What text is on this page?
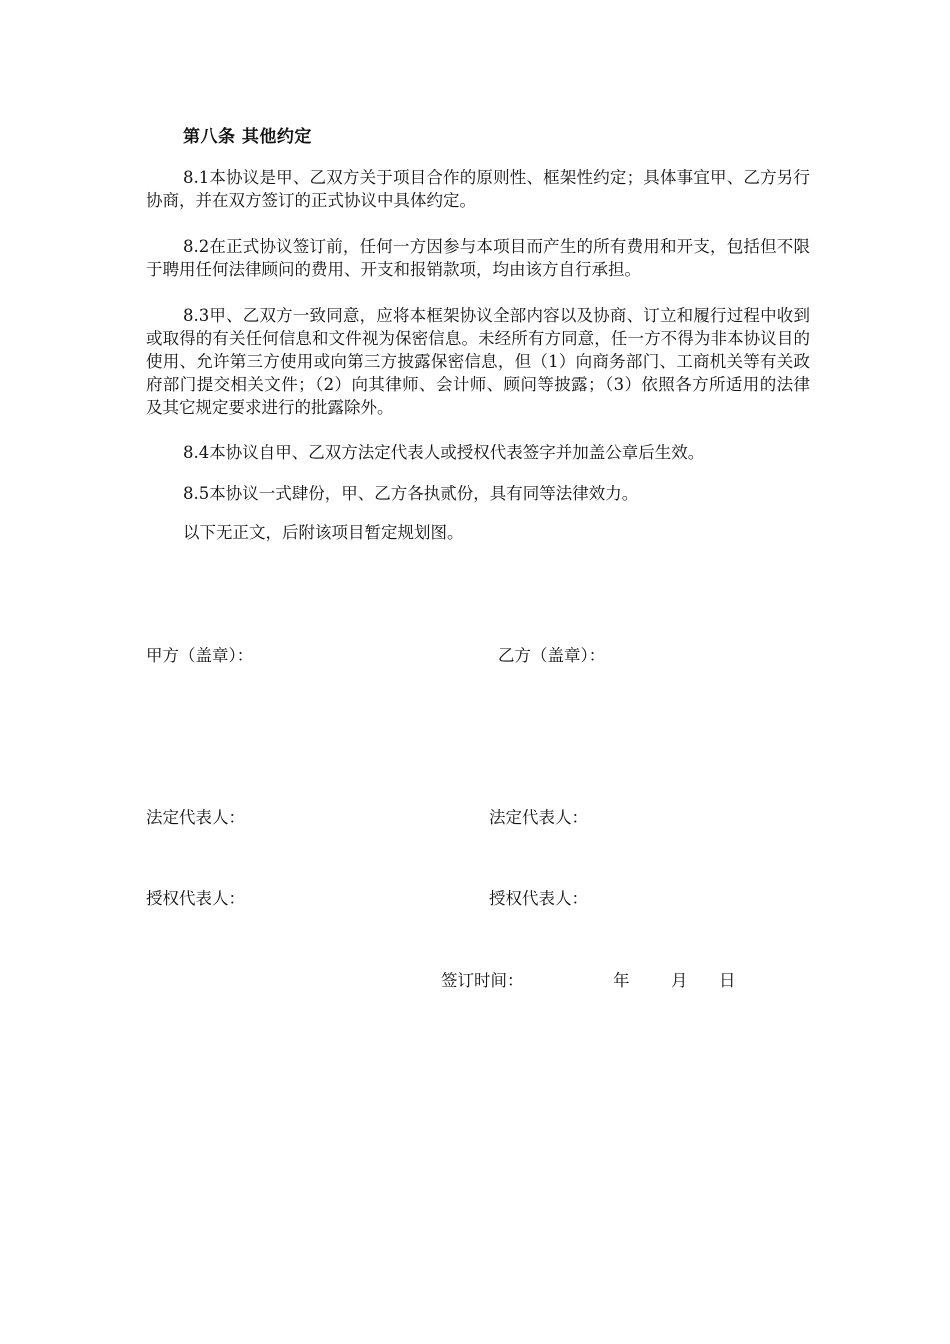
第八条 其他约定

8.1本协议是甲、乙双方关于项目合作的原则性、框架性约定；具体事宜甲、乙方另行协商，并在双方签订的正式协议中具体约定。

8.2在正式协议签订前，任何一方因参与本项目而产生的所有费用和开支，包括但不限于聘用任何法律顾问的费用、开支和报销款项，均由该方自行承担。

8.3甲、乙双方一致同意，应将本框架协议全部内容以及协商、订立和履行过程中收到或取得的有关任何信息和文件视为保密信息。未经所有方同意，任一方不得为非本协议目的使用、允许第三方使用或向第三方披露保密信息，但（1）向商务部门、工商机关等有关政府部门提交相关文件；（2）向其律师、会计师、顾问等披露；（3）依照各方所适用的法律及其它规定要求进行的批露除外。

8.4本协议自甲、乙双方法定代表人或授权代表签字并加盖公章后生效。

8.5本协议一式肆份，甲、乙方各执贰份，具有同等法律效力。

以下无正文，后附该项目暂定规划图。

甲方（盖章）：	乙方（盖章）：
法定代表人：	法定代表人：
授权代表人：	授权代表人：
签订时间：	年	月 日
